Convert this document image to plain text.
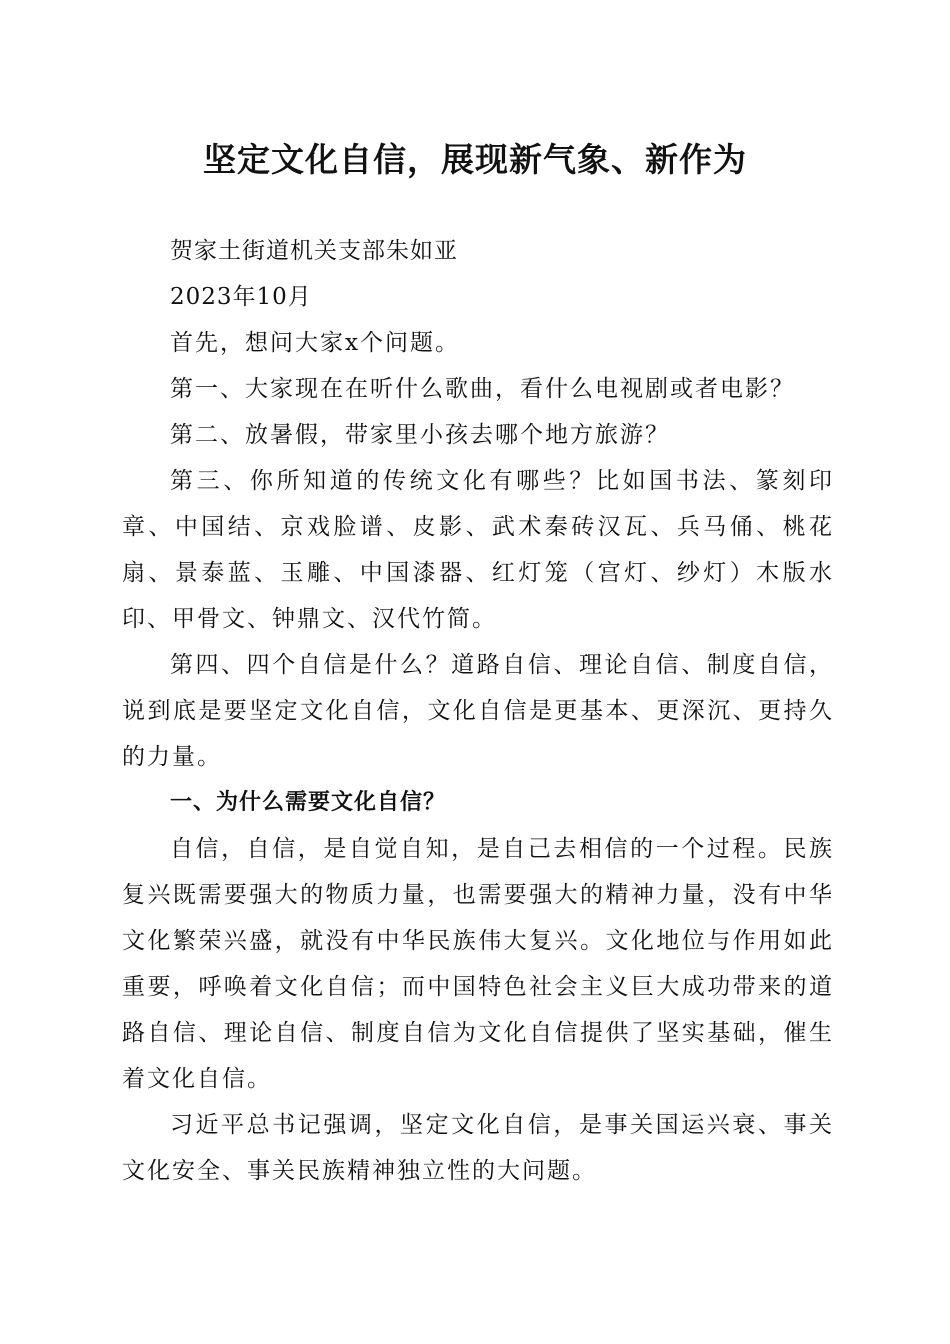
坚定文化自信，展现新气象、新作为

贺家土街道机关支部朱如亚

2023年10月

首先，想问大家x个问题。

第一、大家现在在听什么歌曲，看什么电视剧或者电影？

第二、放暑假，带家里小孩去哪个地方旅游？

第三、你所知道的传统文化有哪些？比如国书法、篆刻印章、中国结、京戏脸谱、皮影、武术秦砖汉瓦、兵马俑、桃花扇、景泰蓝、玉雕、中国漆器、红灯笼（宫灯、纱灯）木版水印、甲骨文、钟鼎文、汉代竹简。

第四、四个自信是什么？道路自信、理论自信、制度自信，说到底是要坚定文化自信，文化自信是更基本、更深沉、更持久的力量。

一、为什么需要文化自信？

自信，自信，是自觉自知，是自己去相信的一个过程。民族复兴既需要强大的物质力量，也需要强大的精神力量，没有中华文化繁荣兴盛，就没有中华民族伟大复兴。文化地位与作用如此重要，呼唤着文化自信；而中国特色社会主义巨大成功带来的道路自信、理论自信、制度自信为文化自信提供了坚实基础，催生着文化自信。

习近平总书记强调，坚定文化自信，是事关国运兴衰、事关文化安全、事关民族精神独立性的大问题。
